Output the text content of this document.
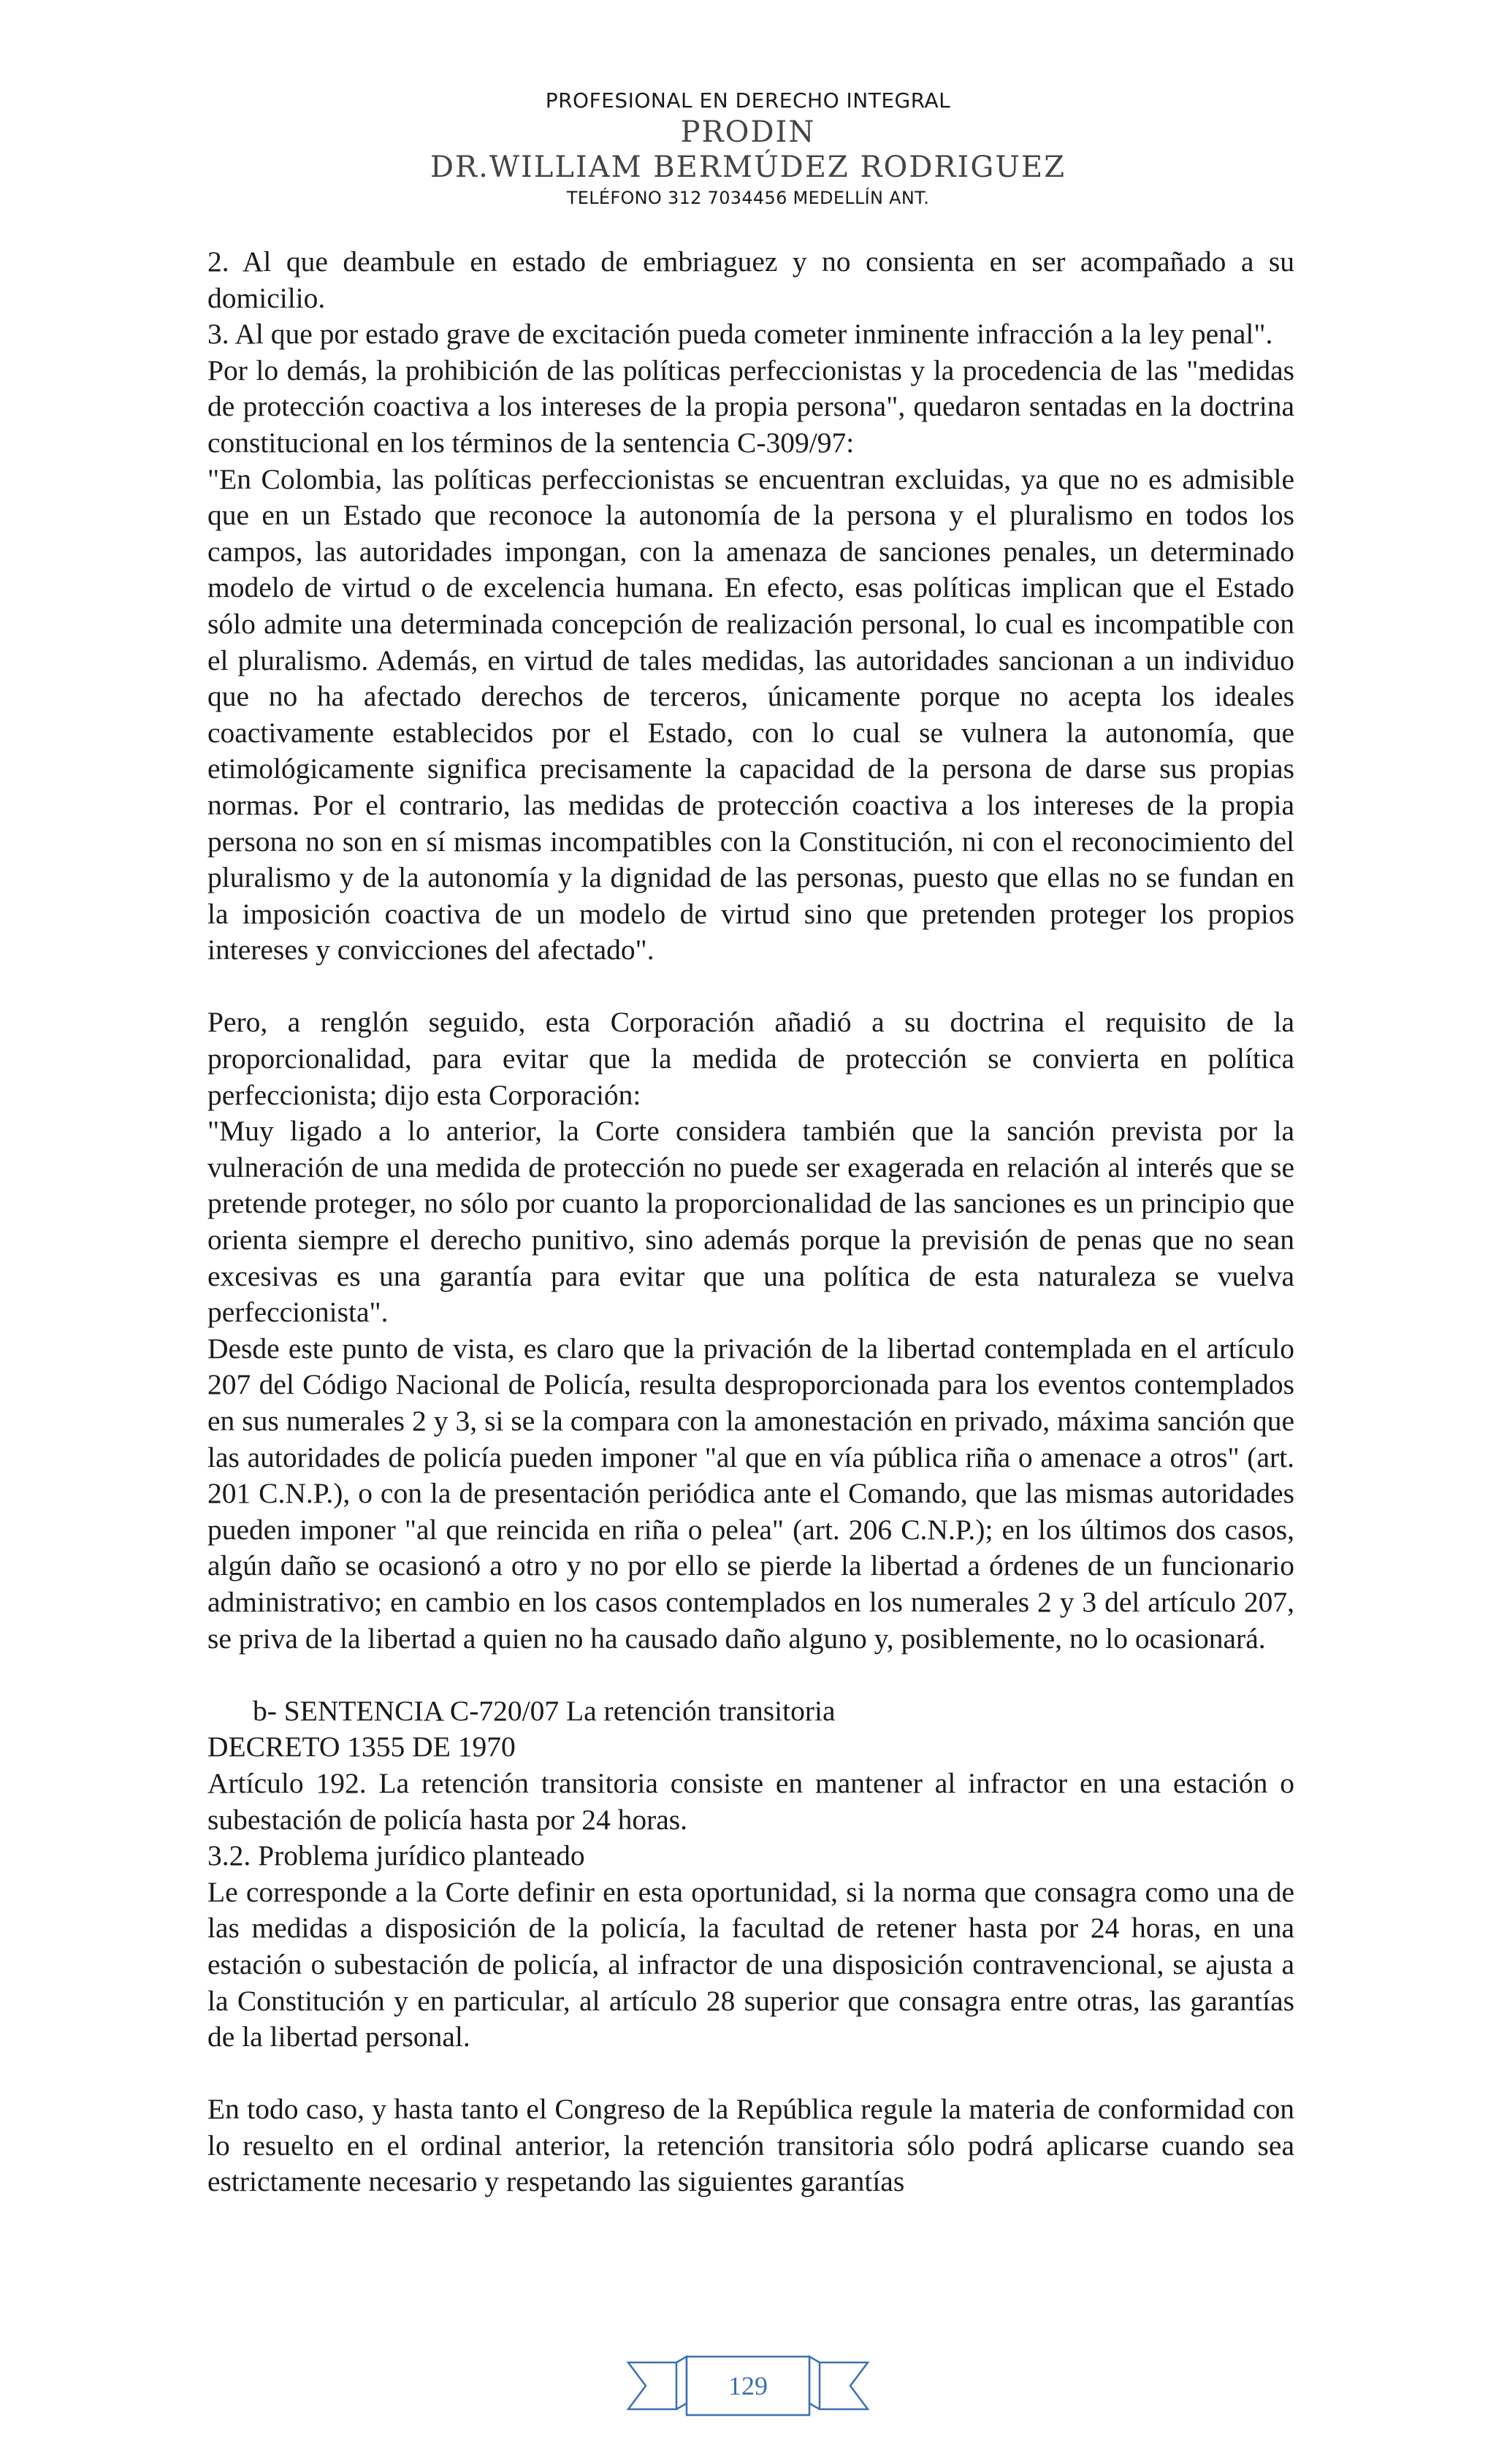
PROFESIONAL EN DERECHO INTEGRAL
PRODIN
DR.WILLIAM BERMÚDEZ RODRIGUEZ
TELÉFONO 312 7034456 MEDELLÍN ANT.

2. Al que deambule en estado de embriaguez y no consienta en ser acompañado a su domicilio.

3. Al que por estado grave de excitación pueda cometer inminente infracción a la ley penal".

Por lo demás, la prohibición de las políticas perfeccionistas y la procedencia de las "medidas de protección coactiva a los intereses de la propia persona", quedaron sentadas en la doctrina constitucional en los términos de la sentencia C-309/97:

"En Colombia, las políticas perfeccionistas se encuentran excluidas, ya que no es admisible que en un Estado que reconoce la autonomía de la persona y el pluralismo en todos los campos, las autoridades impongan, con la amenaza de sanciones penales, un determinado modelo de virtud o de excelencia humana. En efecto, esas políticas implican que el Estado sólo admite una determinada concepción de realización personal, lo cual es incompatible con el pluralismo. Además, en virtud de tales medidas, las autoridades sancionan a un individuo que no ha afectado derechos de terceros, únicamente porque no acepta los ideales coactivamente establecidos por el Estado, con lo cual se vulnera la autonomía, que etimológicamente significa precisamente la capacidad de la persona de darse sus propias normas. Por el contrario, las medidas de protección coactiva a los intereses de la propia persona no son en sí mismas incompatibles con la Constitución, ni con el reconocimiento del pluralismo y de la autonomía y la dignidad de las personas, puesto que ellas no se fundan en la imposición coactiva de un modelo de virtud sino que pretenden proteger los propios intereses y convicciones del afectado".

Pero, a renglón seguido, esta Corporación añadió a su doctrina el requisito de la proporcionalidad, para evitar que la medida de protección se convierta en política perfeccionista; dijo esta Corporación:

"Muy ligado a lo anterior, la Corte considera también que la sanción prevista por la vulneración de una medida de protección no puede ser exagerada en relación al interés que se pretende proteger, no sólo por cuanto la proporcionalidad de las sanciones es un principio que orienta siempre el derecho punitivo, sino además porque la previsión de penas que no sean excesivas es una garantía para evitar que una política de esta naturaleza se vuelva perfeccionista".

Desde este punto de vista, es claro que la privación de la libertad contemplada en el artículo 207 del Código Nacional de Policía, resulta desproporcionada para los eventos contemplados en sus numerales 2 y 3, si se la compara con la amonestación en privado, máxima sanción que las autoridades de policía pueden imponer "al que en vía pública riña o amenace a otros" (art. 201 C.N.P.), o con la de presentación periódica ante el Comando, que las mismas autoridades pueden imponer "al que reincida en riña o pelea" (art. 206 C.N.P.); en los últimos dos casos, algún daño se ocasionó a otro y no por ello se pierde la libertad a órdenes de un funcionario administrativo; en cambio en los casos contemplados en los numerales 2 y 3 del artículo 207, se priva de la libertad a quien no ha causado daño alguno y, posiblemente, no lo ocasionará.

b- SENTENCIA C-720/07 La retención transitoria

DECRETO 1355 DE 1970

Artículo 192. La retención transitoria consiste en mantener al infractor en una estación o subestación de policía hasta por 24 horas.

3.2. Problema jurídico planteado

Le corresponde a la Corte definir en esta oportunidad, si la norma que consagra como una de las medidas a disposición de la policía, la facultad de retener hasta por 24 horas, en una estación o subestación de policía, al infractor de una disposición contravencional, se ajusta a la Constitución y en particular, al artículo 28 superior que consagra entre otras, las garantías de la libertad personal.

En todo caso, y hasta tanto el Congreso de la República regule la materia de conformidad con lo resuelto en el ordinal anterior, la retención transitoria sólo podrá aplicarse cuando sea estrictamente necesario y respetando las siguientes garantías

129
